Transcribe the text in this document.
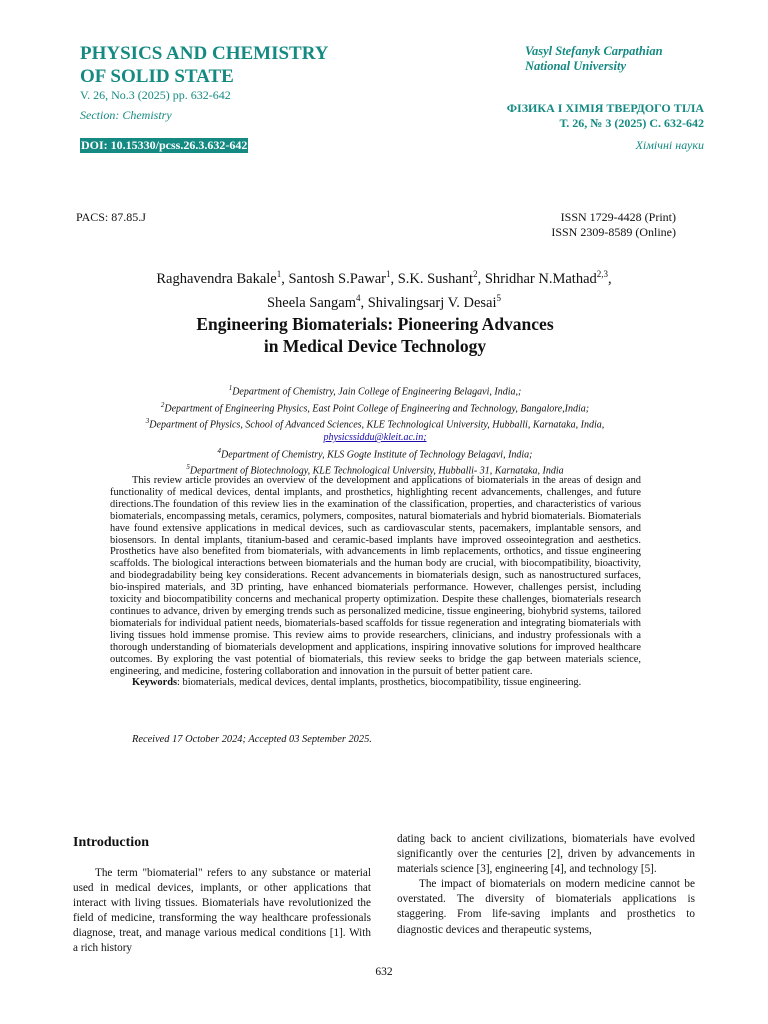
PHYSICS AND CHEMISTRY
OF SOLID STATE
V. 26, No.3 (2025) pp. 632-642
Section: Chemistry
DOI: 10.15330/pcss.26.3.632-642
Vasyl Stefanyk Carpathian
National University
ФІЗИКА І ХІМІЯ ТВЕРДОГО ТІЛА
Т. 26, № 3 (2025) С. 632-642
Хімічні науки
PACS: 87.85.J	ISSN 1729-4428 (Print)
ISSN 2309-8589 (Online)
Raghavendra Bakale$^1$, Santosh S.Pawar$^1$, S.K. Sushant$^2$, Shridhar N.Mathad$^{2,3}$,
Sheela Sangam$^4$, Shivalingsarj V. Desai$^5$
Engineering Biomaterials: Pioneering Advances
in Medical Device Technology
$^1$Department of Chemistry, Jain College of Engineering Belagavi, India,;
$^2$Department of Engineering Physics, East Point College of Engineering and Technology, Bangalore,India;
$^3$Department of Physics, School of Advanced Sciences, KLE Technological University, Hubballi, Karnataka, India,
physicssiddu@kleit.ac.in;
$^4$Department of Chemistry, KLS Gogte Institute of Technology Belagavi, India;
$^5$Department of Biotechnology, KLE Technological University, Hubballi- 31, Karnataka, India

This review article provides an overview of the development and applications of biomaterials in the areas of design and functionality of medical devices, dental implants, and prosthetics, highlighting recent advancements, challenges, and future directions.The foundation of this review lies in the examination of the classification, properties, and characteristics of various biomaterials, encompassing metals, ceramics, polymers, composites, natural biomaterials and hybrid biomaterials. Biomaterials have found extensive applications in medical devices, such as cardiovascular stents, pacemakers, implantable sensors, and biosensors. In dental implants, titanium-based and ceramic-based implants have improved osseointegration and aesthetics. Prosthetics have also benefited from biomaterials, with advancements in limb replacements, orthotics, and tissue engineering scaffolds. The biological interactions between biomaterials and the human body are crucial, with biocompatibility, bioactivity, and biodegradability being key considerations. Recent advancements in biomaterials design, such as nanostructured surfaces, bio-inspired materials, and 3D printing, have enhanced biomaterials performance. However, challenges persist, including toxicity and biocompatibility concerns and mechanical property optimization. Despite these challenges, biomaterials research continues to advance, driven by emerging trends such as personalized medicine, tissue engineering, biohybrid systems, tailored biomaterials for individual patient needs, biomaterials-based scaffolds for tissue regeneration and integrating biomaterials with living tissues hold immense promise. This review aims to provide researchers, clinicians, and industry professionals with a thorough understanding of biomaterials development and applications, inspiring innovative solutions for improved healthcare outcomes. By exploring the vast potential of biomaterials, this review seeks to bridge the gap between materials science, engineering, and medicine, fostering collaboration and innovation in the pursuit of better patient care.

Keywords: biomaterials, medical devices, dental implants, prosthetics, biocompatibility, tissue engineering.

Received 17 October 2024; Accepted 03 September 2025.
Introduction

The term "biomaterial" refers to any substance or material used in medical devices, implants, or other applications that interact with living tissues. Biomaterials have revolutionized the field of medicine, transforming the way healthcare professionals diagnose, treat, and manage various medical conditions [1]. With a rich history

dating back to ancient civilizations, biomaterials have evolved significantly over the centuries [2], driven by advancements in materials science [3], engineering [4], and technology [5].

The impact of biomaterials on modern medicine cannot be overstated. The diversity of biomaterials applications is staggering. From life-saving implants and prosthetics to diagnostic devices and therapeutic systems,

632
